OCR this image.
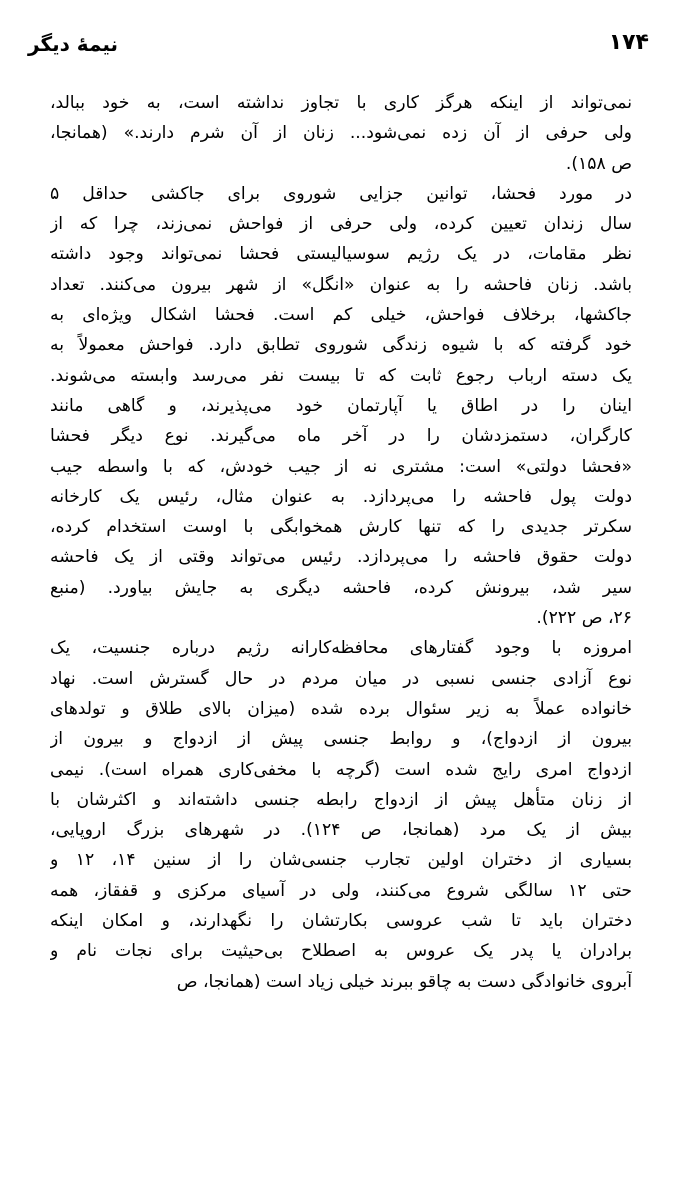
۱۷۴
نیمهٔ دیگر
نمی‌تواند از اینکه هرگز کاری با تجاوز نداشته است، به خود ببالد،
ولی حرفی از آن زده نمی‌شود... زنان از آن شرم دارند.» (همانجا،
ص ۱۵۸).
در مورد فحشا، توانین جزایی شوروی برای جاکشی حداقل ۵
سال زندان تعیین کرده، ولی حرفی از فواحش نمی‌زند، چرا که از
نظر مقامات، در یک رژیم سوسیالیستی فحشا نمی‌تواند وجود داشته
باشد. زنان فاحشه را به عنوان «انگل» از شهر بیرون می‌کنند. تعداد
جاکشها، برخلاف فواحش، خیلی کم است. فحشا اشکال ویژه‌ای به
خود گرفته که با شیوه زندگی شوروی تطابق دارد. فواحش معمولاً به
یک دسته ارباب رجوع ثابت که تا بیست نفر می‌رسد وابسته می‌شوند.
اینان را در اطاق یا آپارتمان خود می‌پذیرند، و گاهی مانند
کارگران، دستمزدشان را در آخر ماه می‌گیرند. نوع دیگر فحشا
«فحشا دولتی» است: مشتری نه از جیب خودش، که با واسطه جیب
دولت پول فاحشه را می‌پردازد. به عنوان مثال، رئیس یک کارخانه
سکرتر جدیدی را که تنها کارش همخوابگی با اوست استخدام کرده،
دولت حقوق فاحشه را می‌پردازد. رئیس می‌تواند وقتی از یک فاحشه
سیر شد، بیرونش کرده، فاحشه دیگری به جایش بیاورد. (منبع
۲۶، ص ۲۲۲).
امروزه با وجود گفتارهای محافظه‌کارانه رژیم درباره جنسیت، یک
نوع آزادی جنسی نسبی در میان مردم در حال گسترش است. نهاد
خانواده عملاً به زیر سئوال برده شده (میزان بالای طلاق و تولدهای
بیرون از ازدواج)، و روابط جنسی پیش از ازدواج و بیرون از
ازدواج امری رایج شده است (گرچه با مخفی‌کاری همراه است). نیمی
از زنان متأهل پیش از ازدواج رابطه جنسی داشته‌اند و اکثرشان با
بیش از یک مرد (همانجا، ص ۱۲۴). در شهرهای بزرگ اروپایی،
بسیاری از دختران اولین تجارب جنسی‌شان را از سنین ۱۴، ۱۲ و
حتی ۱۲ سالگی شروع می‌کنند، ولی در آسیای مرکزی و قفقاز، همه
دختران باید تا شب عروسی بکارتشان را نگهدارند، و امکان اینکه
برادران یا پدر یک عروس به اصطلاح بی‌حیثیت برای نجات نام و
آبروی خانوادگی دست به چاقو ببرند خیلی زیاد است (همانجا، ص
